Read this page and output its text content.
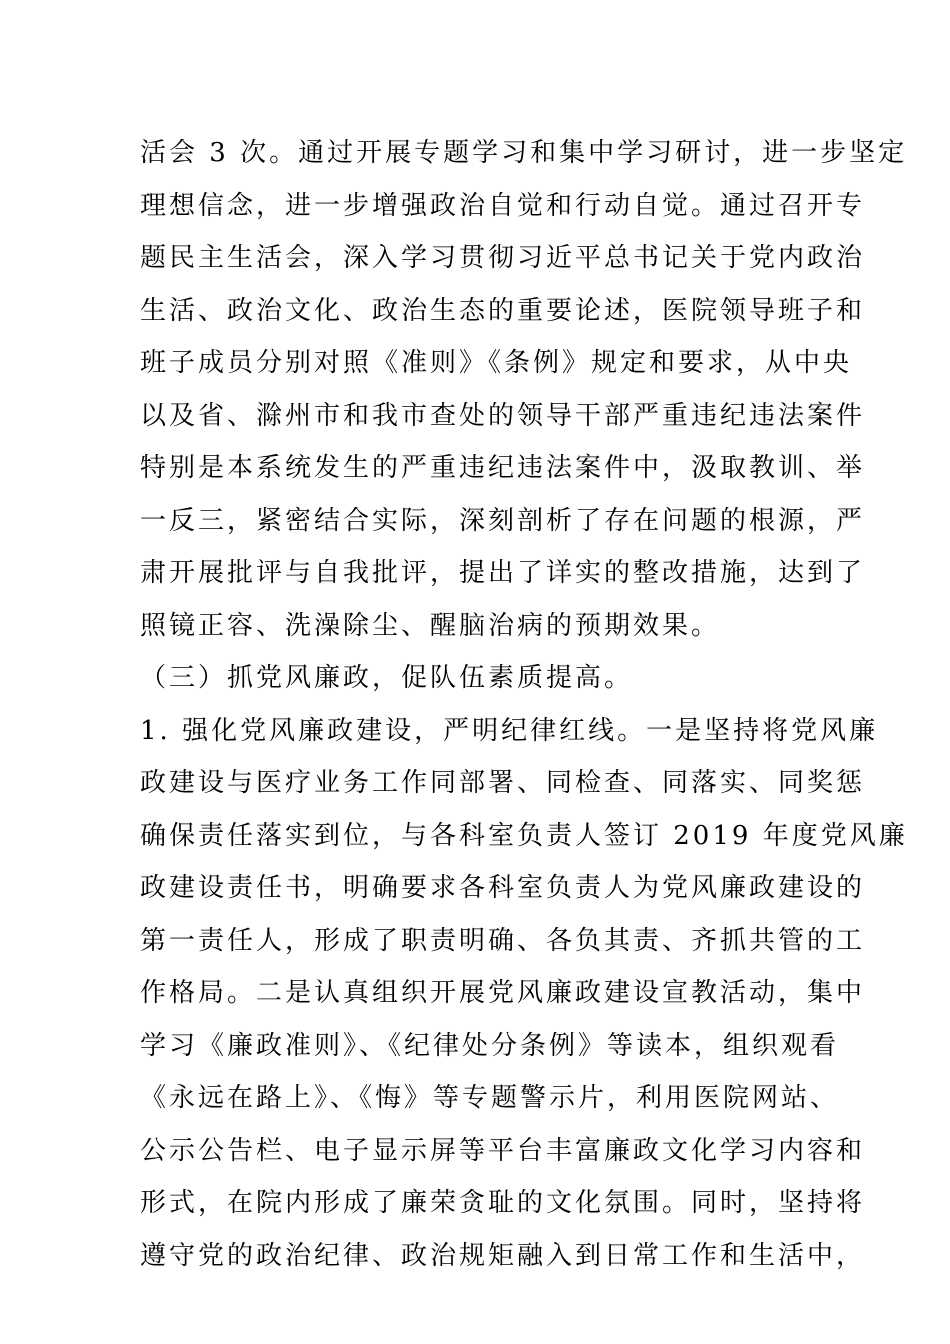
活会 3 次。通过开展专题学习和集中学习研讨，进一步坚定
理想信念，进一步增强政治自觉和行动自觉。通过召开专
题民主生活会，深入学习贯彻习近平总书记关于党内政治
生活、政治文化、政治生态的重要论述，医院领导班子和
班子成员分别对照《准则》《条例》规定和要求，从中央
以及省、滁州市和我市查处的领导干部严重违纪违法案件
特别是本系统发生的严重违纪违法案件中，汲取教训、举
一反三，紧密结合实际，深刻剖析了存在问题的根源，严
肃开展批评与自我批评，提出了详实的整改措施，达到了
照镜正容、洗澡除尘、醒脑治病的预期效果。
（三）抓党风廉政，促队伍素质提高。
1. 强化党风廉政建设，严明纪律红线。一是坚持将党风廉
政建设与医疗业务工作同部署、同检查、同落实、同奖惩
确保责任落实到位，与各科室负责人签订 2019 年度党风廉
政建设责任书，明确要求各科室负责人为党风廉政建设的
第一责任人，形成了职责明确、各负其责、齐抓共管的工
作格局。二是认真组织开展党风廉政建设宣教活动，集中
学习《廉政准则》、《纪律处分条例》等读本，组织观看
《永远在路上》、《悔》等专题警示片，利用医院网站、
公示公告栏、电子显示屏等平台丰富廉政文化学习内容和
形式，在院内形成了廉荣贪耻的文化氛围。同时，坚持将
遵守党的政治纪律、政治规矩融入到日常工作和生活中，
